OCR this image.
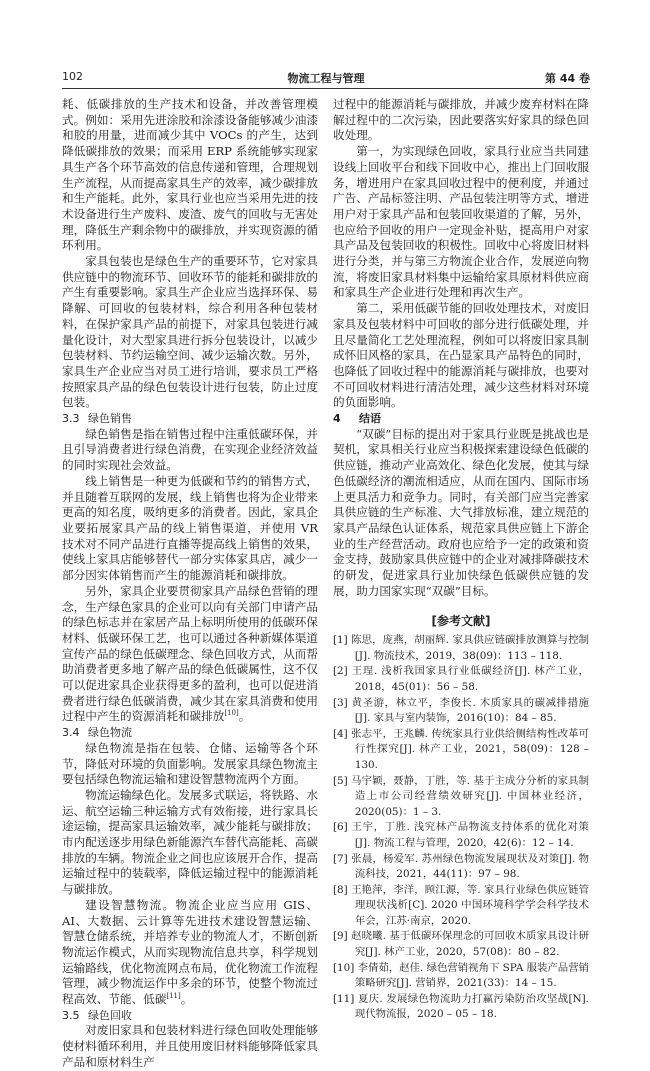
102	物流工程与管理	第 44 卷

耗、低碳排放的生产技术和设备，并改善管理模式。例如：采用先进涂胶和涂漆设备能够减少油漆和胶的用量，进而减少其中 VOCs 的产生，达到降低碳排放的效果；而采用 ERP 系统能够实现家具生产各个环节高效的信息传递和管理，合理规划生产流程，从而提高家具生产的效率，减少碳排放和生产能耗。此外，家具行业也应当采用先进的技术设备进行生产废料、废渣、废气的回收与无害处理，降低生产剩余物中的碳排放，并实现资源的循环利用。

家具包装也是绿色生产的重要环节，它对家具供应链中的物流环节、回收环节的能耗和碳排放的产生有重要影响。家具生产企业应当选择环保、易降解、可回收的包装材料，综合利用各种包装材料，在保护家具产品的前提下，对家具包装进行减量化设计，对大型家具进行拆分包装设计，以减少包装材料、节约运输空间、减少运输次数。另外，家具生产企业应当对员工进行培训，要求员工严格按照家具产品的绿色包装设计进行包装，防止过度包装。

3.3 绿色销售

绿色销售是指在销售过程中注重低碳环保，并且引导消费者进行绿色消费，在实现企业经济效益的同时实现社会效益。

线上销售是一种更为低碳和节约的销售方式，并且随着互联网的发展，线上销售也将为企业带来更高的知名度，吸纳更多的消费者。因此，家具企业要拓展家具产品的线上销售渠道，并使用 VR 技术对不同产品进行直播等提高线上销售的效果，使线上家具店能够替代一部分实体家具店，减少一部分因实体销售而产生的能源消耗和碳排放。

另外，家具企业要贯彻家具产品绿色营销的理念，生产绿色家具的企业可以向有关部门申请产品的绿色标志并在家居产品上标明所使用的低碳环保材料、低碳环保工艺，也可以通过各种新媒体渠道宣传产品的绿色低碳理念、绿色回收方式，从而帮助消费者更多地了解产品的绿色低碳属性，这不仅可以促进家具企业获得更多的盈利，也可以促进消费者进行绿色低碳消费，减少其在家具消费和使用过程中产生的资源消耗和碳排放[10]。

3.4 绿色物流

绿色物流是指在包装、仓储、运输等各个环节，降低对环境的负面影响。发展家具绿色物流主要包括绿色物流运输和建设智慧物流两个方面。

物流运输绿色化。发展多式联运，将铁路、水运、航空运输三种运输方式有效衔接，进行家具长途运输，提高家具运输效率，减少能耗与碳排放；市内配送逐步用绿色新能源汽车替代高能耗、高碳排放的车辆。物流企业之间也应该展开合作，提高运输过程中的装载率，降低运输过程中的能源消耗与碳排放。

建设智慧物流。物流企业应当应用 GIS、AI、大数据、云计算等先进技术建设智慧运输、智慧仓储系统，并培养专业的物流人才，不断创新物流运作模式，从而实现物流信息共享，科学规划运输路线，优化物流网点布局，优化物流工作流程管理，减少物流运作中多余的环节，使整个物流过程高效、节能、低碳[11]。

3.5 绿色回收

对废旧家具和包装材料进行绿色回收处理能够使材料循环利用，并且使用废旧材料能够降低家具产品和原材料生产

过程中的能源消耗与碳排放，并减少废弃材料在降解过程中的二次污染，因此要落实好家具的绿色回收处理。

第一，为实现绿色回收，家具行业应当共同建设线上回收平台和线下回收中心，推出上门回收服务，增进用户在家具回收过程中的便利度，并通过广告、产品标签注明、产品包装注明等方式，增进用户对于家具产品和包装回收渠道的了解，另外，也应给予回收的用户一定现金补贴，提高用户对家具产品及包装回收的积极性。回收中心将废旧材料进行分类，并与第三方物流企业合作，发展逆向物流，将废旧家具材料集中运输给家具原材料供应商和家具生产企业进行处理和再次生产。

第二，采用低碳节能的回收处理技术，对废旧家具及包装材料中可回收的部分进行低碳处理，并且尽量简化工艺处理流程，例如可以将废旧家具制成怀旧风格的家具，在凸显家具产品特色的同时，也降低了回收过程中的能源消耗与碳排放，也要对不可回收材料进行清洁处理，减少这些材料对环境的负面影响。

4 结语

“双碳”目标的提出对于家具行业既是挑战也是契机，家具相关行业应当积极探索建设绿色低碳的供应链，推动产业高效化、绿色化发展，使其与绿色低碳经济的潮流相适应，从而在国内、国际市场上更具活力和竞争力。同时，有关部门应当完善家具供应链的生产标准、大气排放标准，建立规范的家具产品绿色认证体系，规范家具供应链上下游企业的生产经营活动。政府也应给予一定的政策和资金支持，鼓励家具供应链中的企业对减排降碳技术的研发，促进家具行业加快绿色低碳供应链的发展，助力国家实现“双碳”目标。

[参考文献]

[1] 陈思，庞燕，胡丽辉. 家具供应链碳排放测算与控制[J]. 物流技术，2019，38(09)：113 – 118.

[2] 王珵. 浅析我国家具行业低碳经济[J]. 林产工业，2018，45(01)：56 – 58.

[3] 黄圣游，林立平，李俊长. 木质家具的碳减排措施[J]. 家具与室内装饰，2016(10)：84 – 85.

[4] 张志平，王兆麟. 传统家具行业供给侧结构性改革可行性探究[J]. 林产工业，2021，58(09)：128 – 130.

[5] 马宇颖，聂静，丁胜，等. 基于主成分分析的家具制造上市公司经营绩效研究[J]. 中国林业经济，2020(05)：1 – 3.

[6] 王宇，丁胜. 浅究林产品物流支持体系的优化对策[J]. 物流工程与管理，2020，42(6)：12 – 14.

[7] 张晨，杨爱军. 苏州绿色物流发展现状及对策[J]. 物流科技，2021，44(11)：97 – 98.

[8] 王艳萍，李洋，顾江源，等. 家具行业绿色供应链管理现状浅析[C]. 2020 中国环境科学学会科学技术年会，江苏·南京，2020.

[9] 赵晓曦. 基于低碳环保理念的可回收木质家具设计研究[J]. 林产工业，2020，57(08)：80 – 82.

[10] 李倩茹，赵佳. 绿色营销视角下 SPA 服装产品营销策略研究[J]. 营销界，2021(33)：14 – 15.

[11] 夏庆. 发展绿色物流助力打赢污染防治攻坚战[N]. 现代物流报，2020 – 05 – 18.
